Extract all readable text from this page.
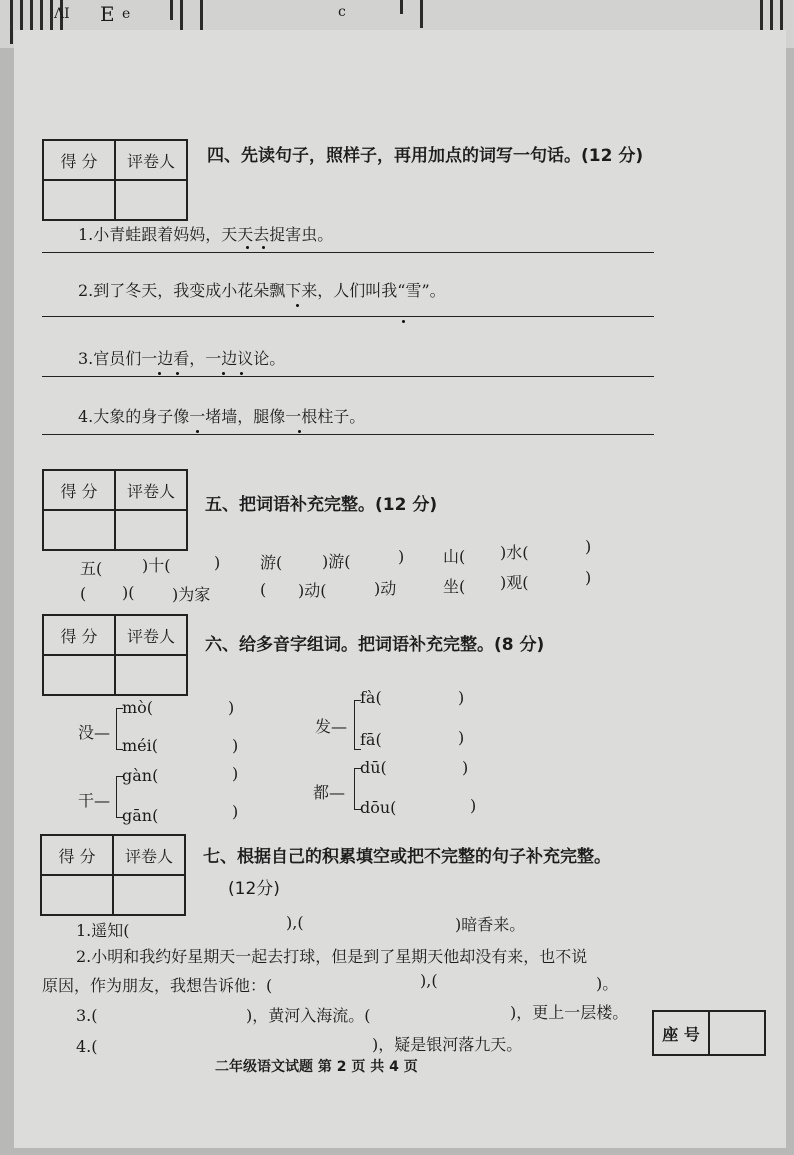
ΛI E e	c
得 分	评卷人
	四、先读句子，照样子，再用加点的词写一句话。(12 分)
1.小青蛙跟着妈妈，天天去捉害虫。
2.到了冬天，我变成小花朵飘下来，人们叫我“雪”。
3.官员们一边看，一边议论。
4.大象的身子像一堵墙，腿像一根柱子。
得 分	评卷人

五、把词语补充完整。(12 分)
五( )十(	) 游( )游(	) 山( )水(	)
( )( )为家	( )动(	)动	坐( )观(	)
得 分	评卷人
	六、给多音字组词。把词语补充完整。(8 分)
没—
mò(	)
méi(	)
发—
fà(	)
fā(	)
干—
gàn(	)
gān(	)
都—
dū(	)
dōu(	)
得 分	评卷人
	七、根据自己的积累填空或把不完整的句子补充完整。
(12分)
1.遥知(	),(	)暗香来。
2.小明和我约好星期天一起去打球，但是到了星期天他却没有来，也不说
原因，作为朋友，我想告诉他：(	),(	)。
3.(	)，黄河入海流。(	)，更上一层楼。
4.(	)，疑是银河落九天。
座 号	
二年级语文试题 第 2 页 共 4 页
